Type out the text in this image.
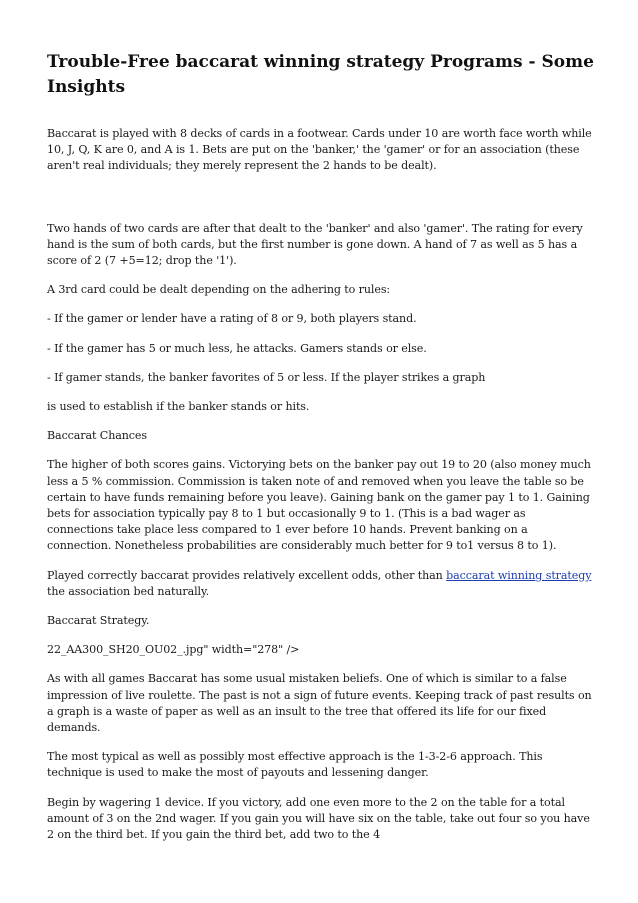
Trouble-Free baccarat winning strategy Programs - Some Insights

Baccarat is played with 8 decks of cards in a footwear. Cards under 10 are worth face worth while 10, J, Q, K are 0, and A is 1. Bets are put on the 'banker,' the 'gamer' or for an association (these aren't real individuals; they merely represent the 2 hands to be dealt).

Two hands of two cards are after that dealt to the 'banker' and also 'gamer'. The rating for every hand is the sum of both cards, but the first number is gone down. A hand of 7 as well as 5 has a score of 2 (7 +5=12; drop the '1').

A 3rd card could be dealt depending on the adhering to rules:

- If the gamer or lender have a rating of 8 or 9, both players stand.

- If the gamer has 5 or much less, he attacks. Gamers stands or else.

- If gamer stands, the banker favorites of 5 or less. If the player strikes a graph

is used to establish if the banker stands or hits.

Baccarat Chances

The higher of both scores gains. Victorying bets on the banker pay out 19 to 20 (also money much less a 5 % commission. Commission is taken note of and removed when you leave the table so be certain to have funds remaining before you leave). Gaining bank on the gamer pay 1 to 1. Gaining bets for association typically pay 8 to 1 but occasionally 9 to 1. (This is a bad wager as connections take place less compared to 1 ever before 10 hands. Prevent banking on a connection. Nonetheless probabilities are considerably much better for 9 to1 versus 8 to 1).

Played correctly baccarat provides relatively excellent odds, other than baccarat winning strategy the association bed naturally.

Baccarat Strategy.

22_AA300_SH20_OU02_.jpg" width="278" />

As with all games Baccarat has some usual mistaken beliefs. One of which is similar to a false impression of live roulette. The past is not a sign of future events. Keeping track of past results on a graph is a waste of paper as well as an insult to the tree that offered its life for our fixed demands.

The most typical as well as possibly most effective approach is the 1-3-2-6 approach. This technique is used to make the most of payouts and lessening danger.

Begin by wagering 1 device. If you victory, add one even more to the 2 on the table for a total amount of 3 on the 2nd wager. If you gain you will have six on the table, take out four so you have 2 on the third bet. If you gain the third bet, add two to the 4
